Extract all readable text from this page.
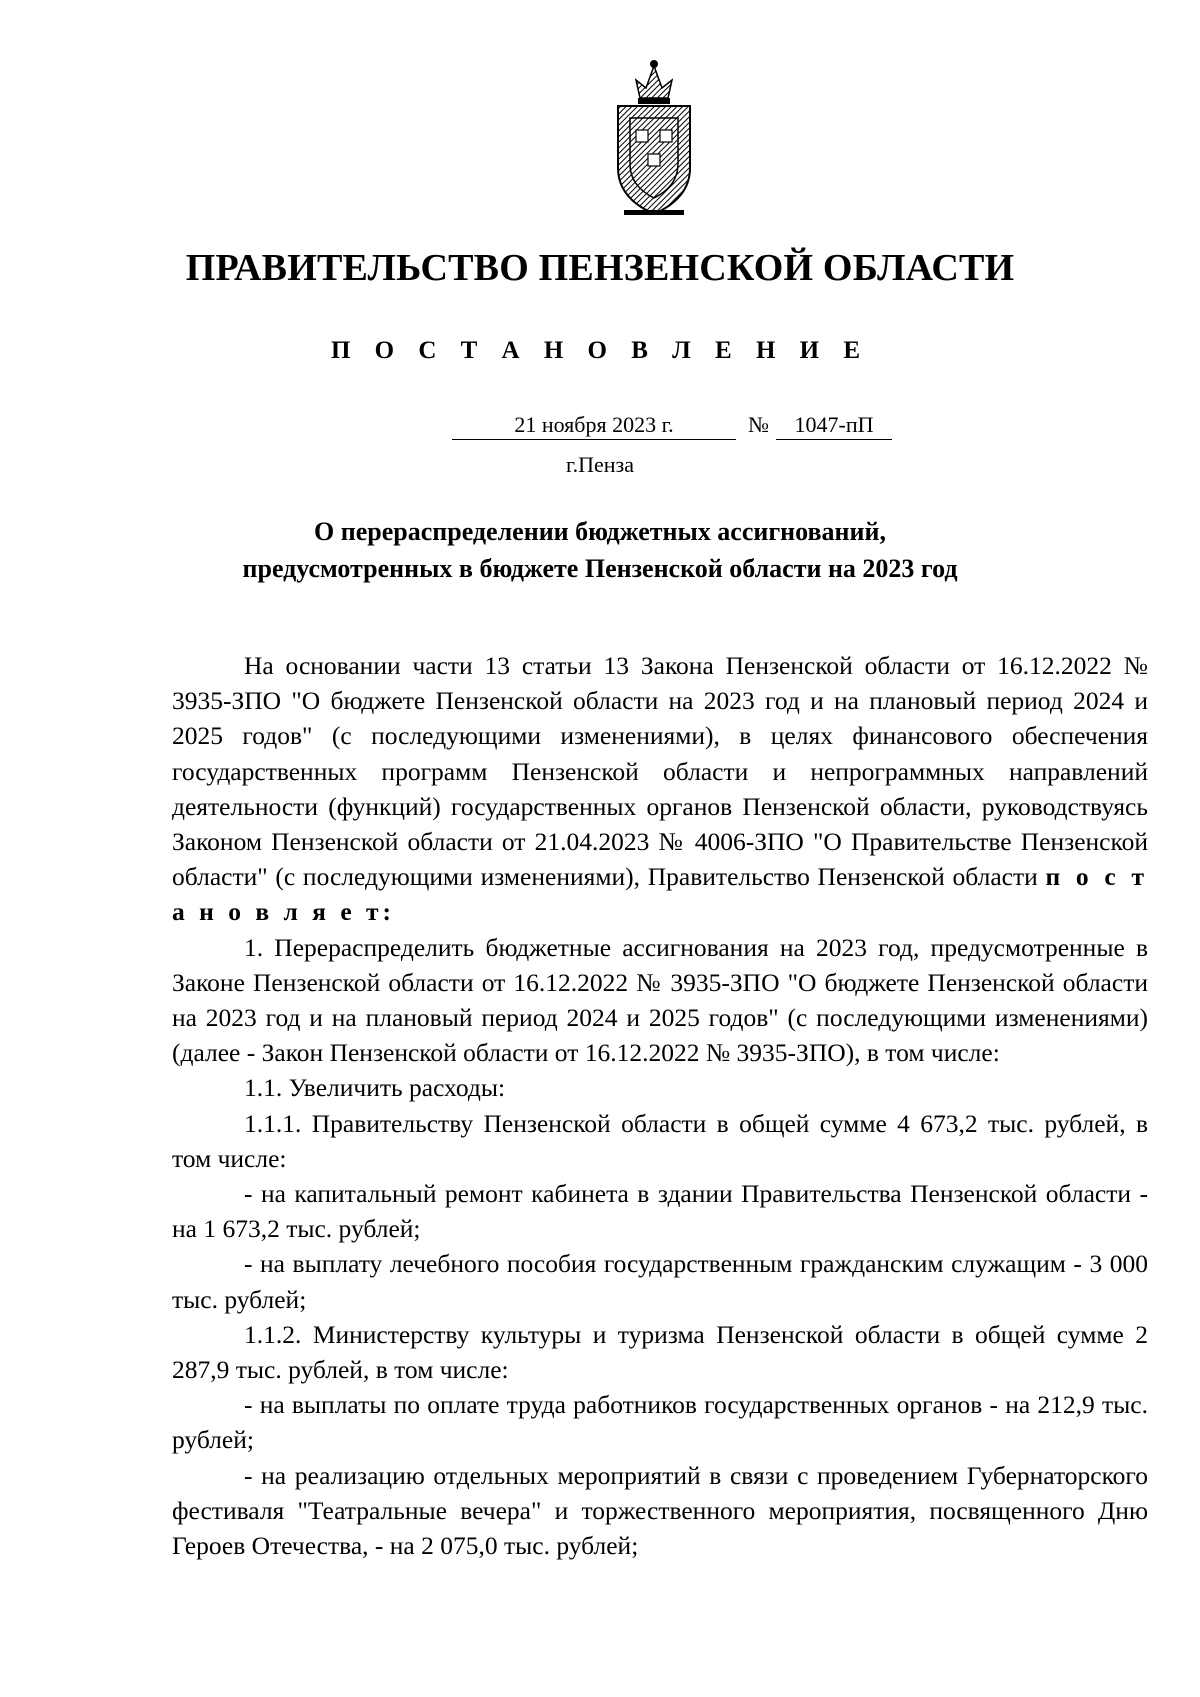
ПРАВИТЕЛЬСТВО ПЕНЗЕНСКОЙ ОБЛАСТИ
П О С Т А Н О В Л Е Н И Е
21 ноября 2023 г.	№	1047-пП
г.Пенза
О перераспределении бюджетных ассигнований,
предусмотренных в бюджете Пензенской области на 2023 год

На основании части 13 статьи 13 Закона Пензенской области от 16.12.2022 № 3935-ЗПО "О бюджете Пензенской области на 2023 год и на плановый период 2024 и 2025 годов" (с последующими изменениями), в целях финансового обеспечения государственных программ Пензенской области и непрограммных направлений деятельности (функций) государственных органов Пензенской области, руководствуясь Законом Пензенской области от 21.04.2023 № 4006-ЗПО "О Правительстве Пензенской области" (с последующими изменениями), Правительство Пензенской области п о с т а н о в л я е т:

1. Перераспределить бюджетные ассигнования на 2023 год, предусмотренные в Законе Пензенской области от 16.12.2022 № 3935-ЗПО "О бюджете Пензенской области на 2023 год и на плановый период 2024 и 2025 годов" (с последующими изменениями) (далее - Закон Пензенской области от 16.12.2022 № 3935-ЗПО), в том числе:

1.1. Увеличить расходы:

1.1.1. Правительству Пензенской области в общей сумме 4 673,2 тыс. рублей, в том числе:

- на капитальный ремонт кабинета в здании Правительства Пензенской области - на 1 673,2 тыс. рублей;

- на выплату лечебного пособия государственным гражданским служащим - 3 000 тыс. рублей;

1.1.2. Министерству культуры и туризма Пензенской области в общей сумме 2 287,9 тыс. рублей, в том числе:

- на выплаты по оплате труда работников государственных органов - на 212,9 тыс. рублей;

- на реализацию отдельных мероприятий в связи с проведением Губернаторского фестиваля "Театральные вечера" и торжественного мероприятия, посвященного Дню Героев Отечества, - на 2 075,0 тыс. рублей;
